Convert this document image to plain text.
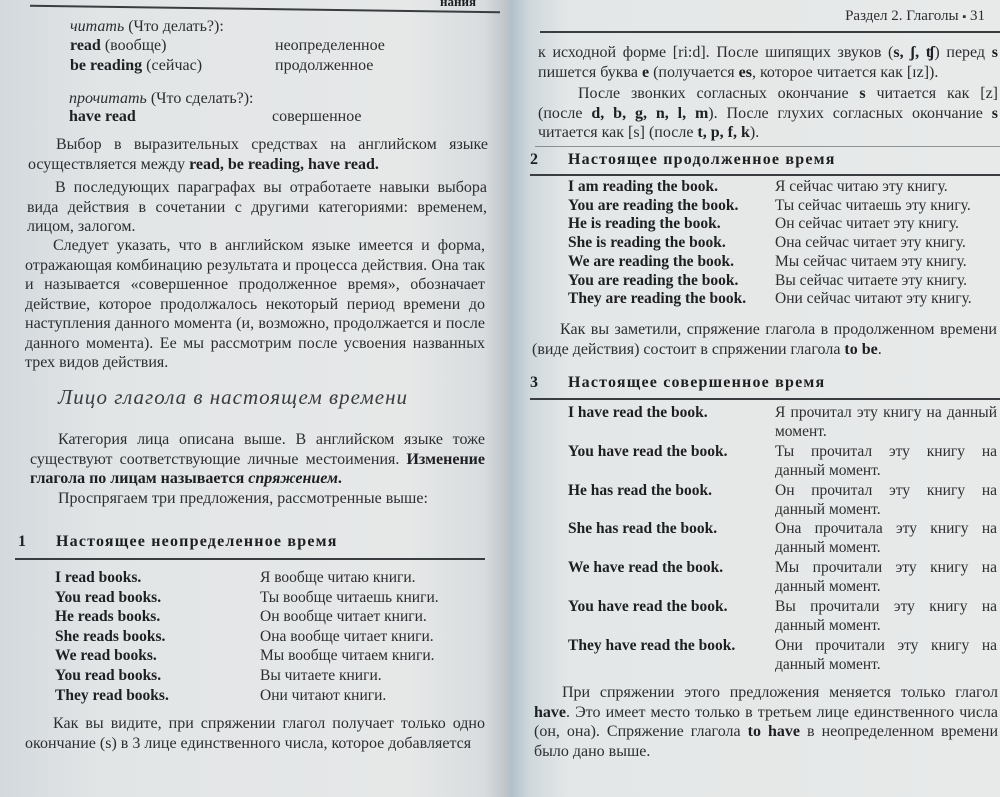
нания
читать (Что делать?):
read (вообще)	неопределенное
be reading (сейчас)	продолженное
прочитать (Что сделать?):
have read	совершенное
Выбор в выразительных средствах на английском языке осуществляется между read, be reading, have read.
В последующих параграфах вы отработаете навыки выбора вида действия в сочетании с другими категориями: временем, лицом, залогом.
Следует указать, что в английском языке имеется и форма, отражающая комбинацию результата и процесса действия. Она так и называется «совершенное продолженное время», обозначает действие, которое продолжалось некоторый период времени до наступления данного момента (и, возможно, продолжается и после данного момента). Ее мы рассмотрим после усвоения названных трех видов действия.
Лицо глагола в настоящем времени
Категория лица описана выше. В английском языке тоже существуют соответствующие личные местоимения. Изменение глагола по лицам называется спряжением.
Проспрягаем три предложения, рассмотренные выше:
1 Настоящее неопределенное время
I read books.	Я вообще читаю книги.
You read books.	Ты вообще читаешь книги.
He reads books.	Он вообще читает книги.
She reads books.	Она вообще читает книги.
We read books.	Мы вообще читаем книги.
You read books.	Вы читаете книги.
They read books.	Они читают книги.
Как вы видите, при спряжении глагол получает только одно окончание (s) в 3 лице единственного числа, которое добавляется
Раздел 2. Глаголы ▪ 31
к исходной форме [ri:d]. После шипящих звуков (s, ʃ, ʧ) перед s пишется буква e (получается es, которое читается как [ɪz]).
После звонких согласных окончание s читается как [z] (после d, b, g, n, l, m). После глухих согласных окончание s читается как [s] (после t, p, f, k).
2 Настоящее продолженное время
I am reading the book.	Я сейчас читаю эту книгу.
You are reading the book. Ты сейчас читаешь эту книгу.
He is reading the book.	Он сейчас читает эту книгу.
She is reading the book.	Она сейчас читает эту книгу.
We are reading the book.	Мы сейчас читаем эту книгу.
You are reading the book. Вы сейчас читаете эту книгу.
They are reading the book. Они сейчас читают эту книгу.
Как вы заметили, спряжение глагола в продолженном времени (виде действия) состоит в спряжении глагола to be.
3 Настоящее совершенное время
I have read the book.	Я прочитал эту книгу на данный момент.
You have read the book.	Ты прочитал эту книгу на данный момент.
He has read the book.	Он прочитал эту книгу на данный момент.
She has read the book.	Она прочитала эту книгу на данный момент.
We have read the book.	Мы прочитали эту книгу на данный момент.
You have read the book.	Вы прочитали эту книгу на данный момент.
They have read the book.	Они прочитали эту книгу на данный момент.
При спряжении этого предложения меняется только глагол have. Это имеет место только в третьем лице единственного числа (он, она). Спряжение глагола to have в неопределенном времени было дано выше.
